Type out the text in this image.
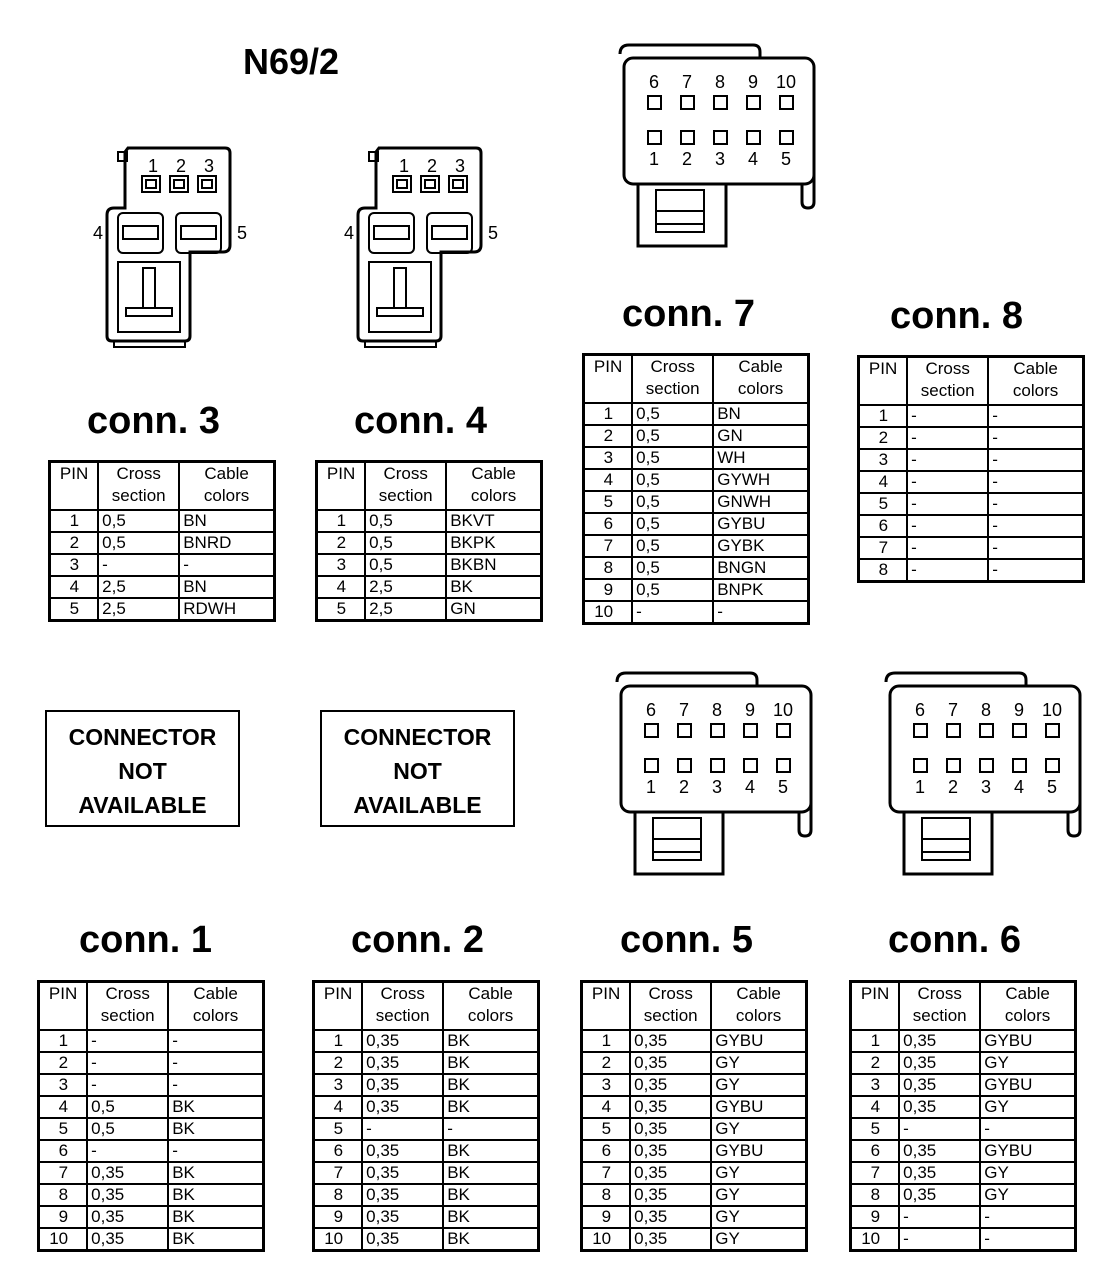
N69/2
conn. 3	conn. 4
conn. 7	conn. 8
conn. 1	conn. 2	conn. 5	conn. 6
PIN	Cross section	Cable colors
1	0,5	BN
2	0,5	BNRD
3	-	-
4	2,5	BN
5	2,5	RDWH
PIN	Cross section	Cable colors
1	0,5	BKVT
2	0,5	BKPK
3	0,5	BKBN
4	2,5	BK
5	2,5	GN
PIN	Cross section	Cable colors
1	0,5	BN
2	0,5	GN
3	0,5	WH
4	0,5	GYWH
5	0,5	GNWH
6	0,5	GYBU
7	0,5	GYBK
8	0,5	BNGN
9	0,5	BNPK
10	-	-
PIN	Cross section	Cable colors
1	-	-
2	-	-
3	-	-
4	-	-
5	-	-
6	-	-
7	-	-
8	-	-
PIN	Cross section	Cable colors
1	-	-
2	-	-
3	-	-
4	0,5	BK
5	0,5	BK
6	-	-
7	0,35	BK
8	0,35	BK
9	0,35	BK
10	0,35	BK
PIN	Cross section	Cable colors
1	0,35	BK
2	0,35	BK
3	0,35	BK
4	0,35	BK
5	-	-
6	0,35	BK
7	0,35	BK
8	0,35	BK
9	0,35	BK
10	0,35	BK
PIN	Cross section	Cable colors
1	0,35	GYBU
2	0,35	GY
3	0,35	GY
4	0,35	GYBU
5	0,35	GY
6	0,35	GYBU
7	0,35	GY
8	0,35	GY
9	0,35	GY
10	0,35	GY
PIN	Cross section	Cable colors
1	0,35	GYBU
2	0,35	GY
3	0,35	GYBU
4	0,35	GY
5	-	-
6	0,35	GYBU
7	0,35	GY
8	0,35	GY
9	-	-
10	-	-
CONNECTOR
NOT
AVAILABLE
CONNECTOR
NOT
AVAILABLE
1 2 3
4	5
1 2 3
4	5
6 7 8 9 10
1 2 3 4 5
6 7 8 9 10
1 2 3 4 5
6 7 8 9 10
1 2 3 4 5
